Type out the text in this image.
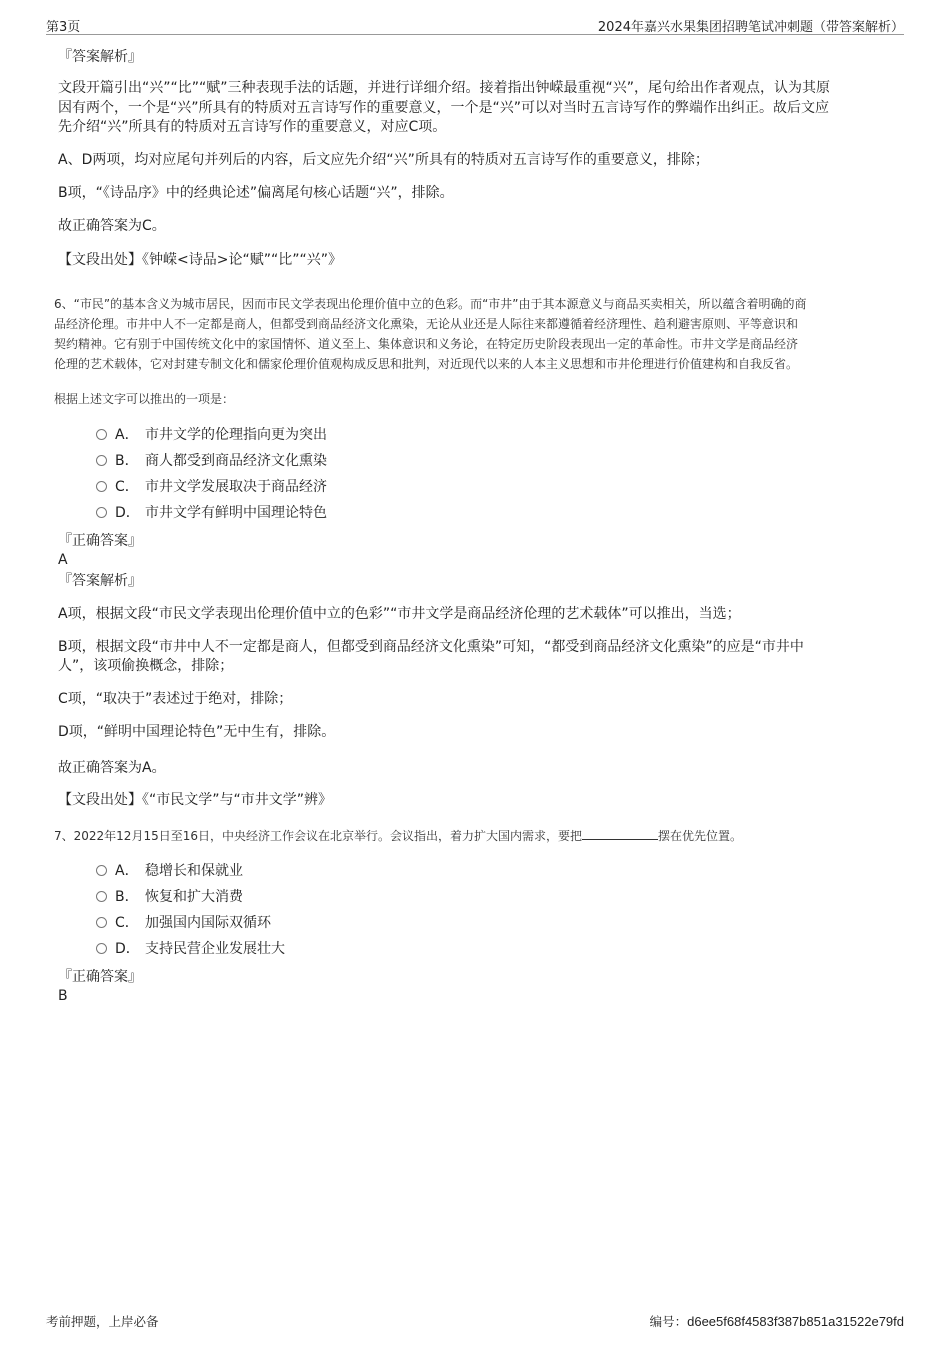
第3页	2024年嘉兴水果集团招聘笔试冲刺题（带答案解析）
『答案解析』
文段开篇引出“兴”“比”“赋”三种表现手法的话题，并进行详细介绍。接着指出钟嵘最重视“兴”，尾句给出作者观点，认为其原
因有两个，一个是“兴”所具有的特质对五言诗写作的重要意义，一个是“兴”可以对当时五言诗写作的弊端作出纠正。故后文应
先介绍“兴”所具有的特质对五言诗写作的重要意义，对应C项。
A、D两项，均对应尾句并列后的内容，后文应先介绍“兴”所具有的特质对五言诗写作的重要意义，排除；
B项，“《诗品序》中的经典论述”偏离尾句核心话题“兴”，排除。
故正确答案为C。
【文段出处】《钟嵘<诗品>论“赋”“比”“兴”》
6、“市民”的基本含义为城市居民，因而市民文学表现出伦理价值中立的色彩。而“市井”由于其本源意义与商品买卖相关，所以蕴含着明确的商
品经济伦理。市井中人不一定都是商人，但都受到商品经济文化熏染，无论从业还是人际往来都遵循着经济理性、趋利避害原则、平等意识和
契约精神。它有别于中国传统文化中的家国情怀、道义至上、集体意识和义务论，在特定历史阶段表现出一定的革命性。市井文学是商品经济
伦理的艺术载体，它对封建专制文化和儒家伦理价值观构成反思和批判，对近现代以来的人本主义思想和市井伦理进行价值建构和自我反省。
根据上述文字可以推出的一项是：
A． 市井文学的伦理指向更为突出
B． 商人都受到商品经济文化熏染
C． 市井文学发展取决于商品经济
D． 市井文学有鲜明中国理论特色
『正确答案』
A
『答案解析』
A项，根据文段“市民文学表现出伦理价值中立的色彩”“市井文学是商品经济伦理的艺术载体”可以推出，当选；
B项，根据文段“市井中人不一定都是商人，但都受到商品经济文化熏染”可知，“都受到商品经济文化熏染”的应是“市井中
人”，该项偷换概念，排除；
C项，“取决于”表述过于绝对，排除；
D项，“鲜明中国理论特色”无中生有，排除。
故正确答案为A。
【文段出处】《“市民文学”与“市井文学”辨》
7、2022年12月15日至16日，中央经济工作会议在北京举行。会议指出，着力扩大国内需求，要把	摆在优先位置。
A． 稳增长和保就业
B． 恢复和扩大消费
C． 加强国内国际双循环
D． 支持民营企业发展壮大
『正确答案』
B
考前押题，上岸必备	编号：d6ee5f68f4583f387b851a31522e79fd
